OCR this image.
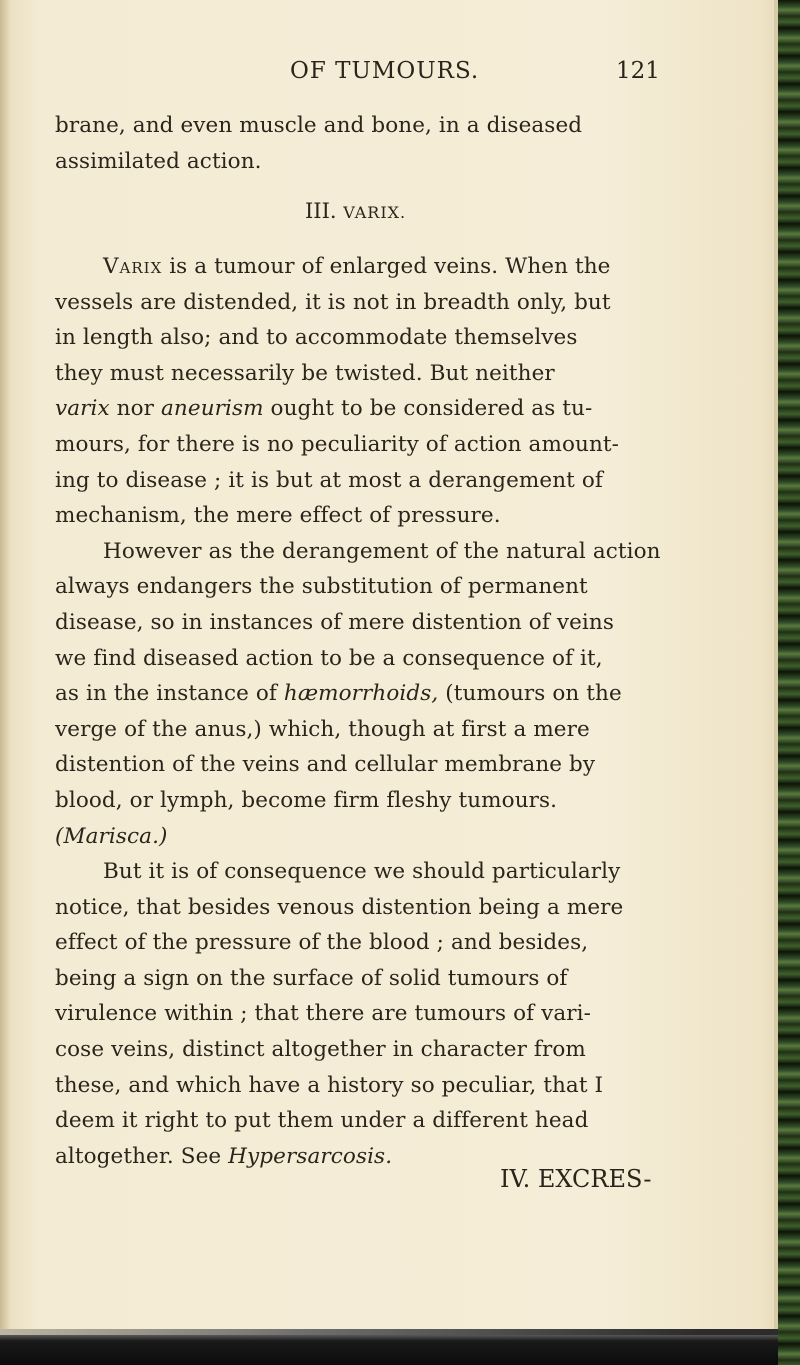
OF TUMOURS.	121
brane, and even muscle and bone, in a diseased
assimilated action.
III. VARIX.
Varix is a tumour of enlarged veins. When the
vessels are distended, it is not in breadth only, but
in length also; and to accommodate themselves
they must necessarily be twisted. But neither
varix nor aneurism ought to be considered as tu-
mours, for there is no peculiarity of action amount-
ing to disease ; it is but at most a derangement of
mechanism, the mere effect of pressure.
However as the derangement of the natural action
always endangers the substitution of permanent
disease, so in instances of mere distention of veins
we find diseased action to be a consequence of it,
as in the instance of hæmorrhoids, (tumours on the
verge of the anus,) which, though at first a mere
distention of the veins and cellular membrane by
blood, or lymph, become firm fleshy tumours.
(Marisca.)
But it is of consequence we should particularly
notice, that besides venous distention being a mere
effect of the pressure of the blood ; and besides,
being a sign on the surface of solid tumours of
virulence within ; that there are tumours of vari-
cose veins, distinct altogether in character from
these, and which have a history so peculiar, that I
deem it right to put them under a different head
altogether. See Hypersarcosis.
IV. EXCRES-
